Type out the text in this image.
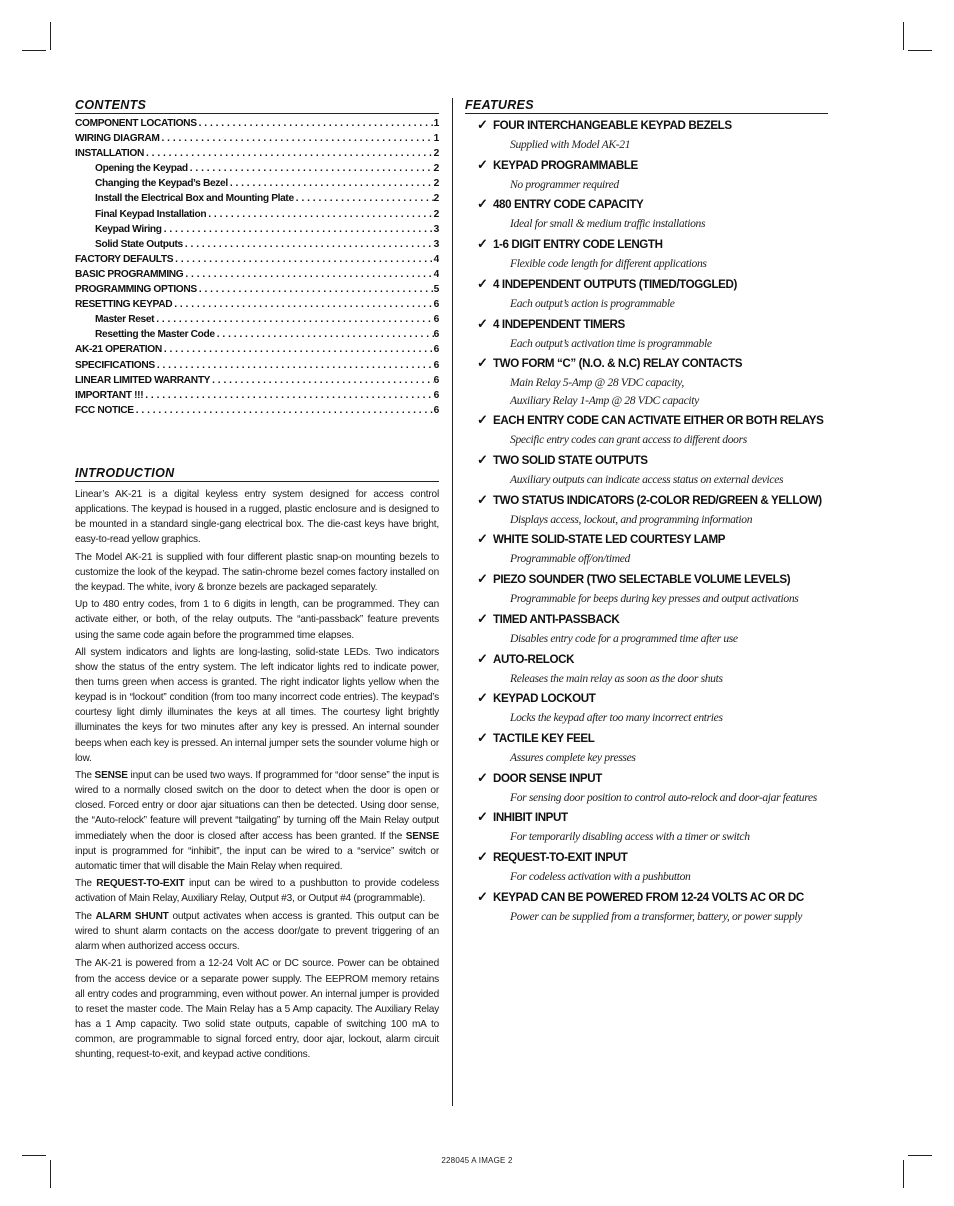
CONTENTS
COMPONENT LOCATIONS . . .	1
WIRING DIAGRAM . . .	1
INSTALLATION . . .	2
Opening the Keypad . . .	2
Changing the Keypad’s Bezel . . .	2
Install the Electrical Box and Mounting Plate . . .	2
Final Keypad Installation . . .	2
Keypad Wiring . . .	3
Solid State Outputs . . .	3
FACTORY DEFAULTS . . .	4
BASIC PROGRAMMING . . .	4
PROGRAMMING OPTIONS . . .	5
RESETTING KEYPAD . . .	6
Master Reset . . .	6
Resetting the Master Code . . .	6
AK-21 OPERATION . . .	6
SPECIFICATIONS . . .	6
LINEAR LIMITED WARRANTY . . .	6
IMPORTANT !!! . . .	6
FCC NOTICE . . .	6
INTRODUCTION

Linear’s AK-21 is a digital keyless entry system designed for access control applications. The keypad is housed in a rugged, plastic enclosure and is designed to be mounted in a standard single-gang electrical box. The die-cast keys have bright, easy-to-read yellow graphics.

The Model AK-21 is supplied with four different plastic snap-on mounting bezels to customize the look of the keypad. The satin-chrome bezel comes factory installed on the keypad. The white, ivory & bronze bezels are packaged separately.

Up to 480 entry codes, from 1 to 6 digits in length, can be programmed. They can activate either, or both, of the relay outputs. The “anti-passback” feature prevents using the same code again before the programmed time elapses.

All system indicators and lights are long-lasting, solid-state LEDs. Two indicators show the status of the entry system. The left indicator lights red to indicate power, then turns green when access is granted. The right indicator lights yellow when the keypad is in “lockout” condition (from too many incorrect code entries). The keypad’s courtesy light dimly illuminates the keys at all times. The courtesy light brightly illuminates the keys for two minutes after any key is pressed. An internal sounder beeps when each key is pressed. An internal jumper sets the sounder volume high or low.

The SENSE input can be used two ways. If programmed for “door sense” the input is wired to a normally closed switch on the door to detect when the door is open or closed. Forced entry or door ajar situations can then be detected. Using door sense, the “Auto-relock” feature will prevent “tailgating” by turning off the Main Relay output immediately when the door is closed after access has been granted. If the SENSE input is programmed for “inhibit”, the input can be wired to a “service” switch or automatic timer that will disable the Main Relay when required.

The REQUEST-TO-EXIT input can be wired to a pushbutton to provide codeless activation of Main Relay, Auxiliary Relay, Output #3, or Output #4 (programmable).

The ALARM SHUNT output activates when access is granted. This output can be wired to shunt alarm contacts on the access door/gate to prevent triggering of an alarm when authorized access occurs.

The AK-21 is powered from a 12-24 Volt AC or DC source. Power can be obtained from the access device or a separate power supply. The EEPROM memory retains all entry codes and programming, even without power. An internal jumper is provided to reset the master code. The Main Relay has a 5 Amp capacity. The Auxiliary Relay has a 1 Amp capacity. Two solid state outputs, capable of switching 100 mA to common, are programmable to signal forced entry, door ajar, lockout, alarm circuit shunting, request-to-exit, and keypad active conditions.

FEATURES
✓ FOUR INTERCHANGEABLE KEYPAD BEZELS
Supplied with Model AK-21
✓ KEYPAD PROGRAMMABLE
No programmer required
✓ 480 ENTRY CODE CAPACITY
Ideal for small & medium traffic installations
✓ 1-6 DIGIT ENTRY CODE LENGTH
Flexible code length for different applications
✓ 4 INDEPENDENT OUTPUTS (TIMED/TOGGLED)
Each output’s action is programmable
✓ 4 INDEPENDENT TIMERS
Each output’s activation time is programmable
✓ TWO FORM “C” (N.O. & N.C) RELAY CONTACTS
Main Relay 5-Amp @ 28 VDC capacity,
Auxiliary Relay 1-Amp @ 28 VDC capacity
✓ EACH ENTRY CODE CAN ACTIVATE EITHER OR BOTH RELAYS
Specific entry codes can grant access to different doors
✓ TWO SOLID STATE OUTPUTS
Auxiliary outputs can indicate access status on external devices
✓ TWO STATUS INDICATORS (2-COLOR RED/GREEN & YELLOW)
Displays access, lockout, and programming information
✓ WHITE SOLID-STATE LED COURTESY LAMP
Programmable off/on/timed
✓ PIEZO SOUNDER (TWO SELECTABLE VOLUME LEVELS)
Programmable for beeps during key presses and output activations
✓ TIMED ANTI-PASSBACK
Disables entry code for a programmed time after use
✓ AUTO-RELOCK
Releases the main relay as soon as the door shuts
✓ KEYPAD LOCKOUT
Locks the keypad after too many incorrect entries
✓ TACTILE KEY FEEL
Assures complete key presses
✓ DOOR SENSE INPUT
For sensing door position to control auto-relock and door-ajar features
✓ INHIBIT INPUT
For temporarily disabling access with a timer or switch
✓ REQUEST-TO-EXIT INPUT
For codeless activation with a pushbutton
✓ KEYPAD CAN BE POWERED FROM 12-24 VOLTS AC OR DC
Power can be supplied from a transformer, battery, or power supply
228045 A IMAGE 2
